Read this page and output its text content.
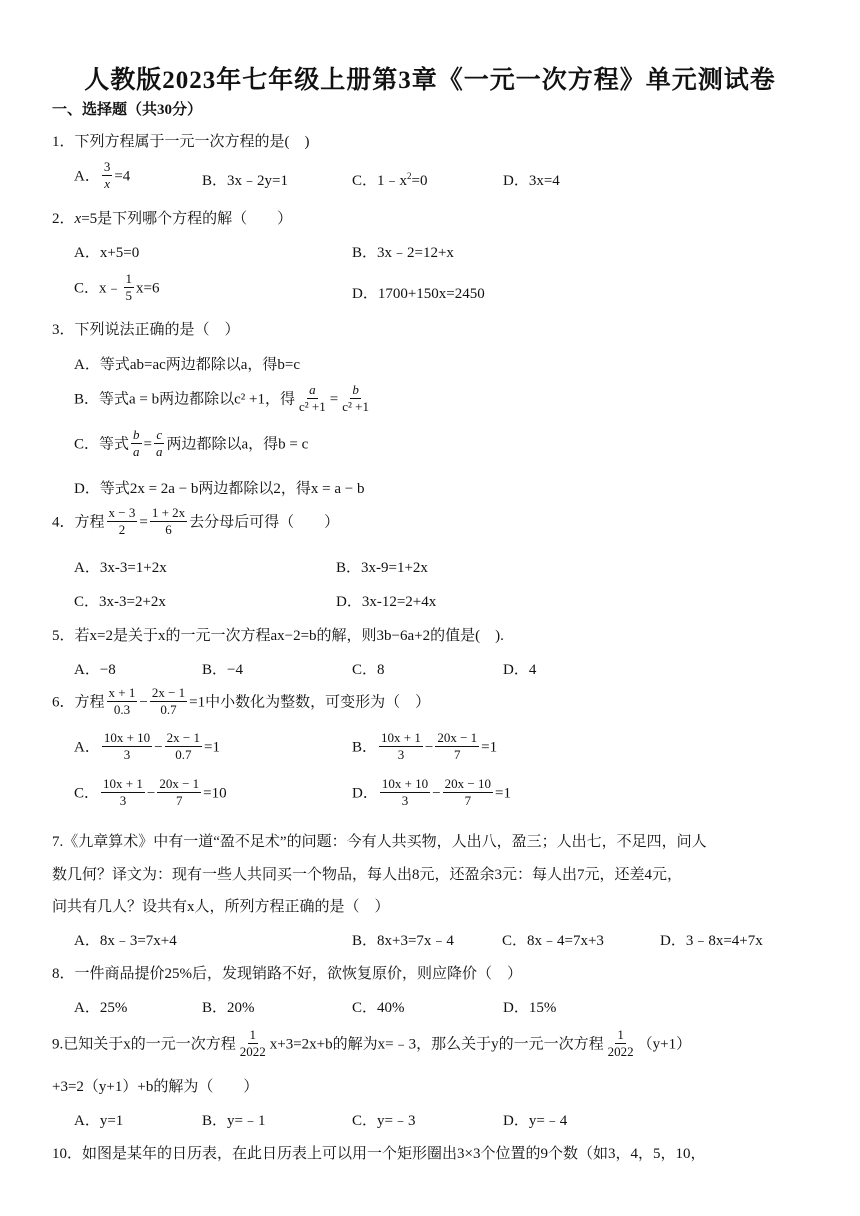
人教版2023年七年级上册第3章《一元一次方程》单元测试卷
一、选择题（共30分）
1．下列方程属于一元一次方程的是(　)
A． $\frac{3}{x} =4$	B．3x﹣2y=1	C．$1﹣x^2=0$	D．3x=4
2．x=5是下列哪个方程的解（　　）
A．x+5=0	B．3x﹣2=12+x
C．x﹣ $\frac{1}{5} x=6$	D．1700+150x=2450
3．下列说法正确的是（　）
A．等式ab=ac两边都除以a，得b=c
B．等式a = b两边都除以c² +1，得 $\frac{a}{\text{c² +1}} = \frac{b}{\text{c² +1}}$
C．等式 $\frac{b}{a} = \frac{c}{a}$ 两边都除以a，得b = c
D．等式2x = 2a − b两边都除以2，得x = a − b
4．方程 $\frac{x - 3}{2} = \frac{1 + 2x}{6}$ 去分母后可得（　　）
A．3x-3=1+2x	B．3x-9=1+2x
C．3x-3=2+2x	D．3x-12=2+4x
5．若x=2是关于x的一元一次方程ax−2=b的解，则3b−6a+2的值是(　).
A．−8	B．−4	C．8	D．4
6．方程 $\frac{x + 1}{0.3} - \frac{2x - 1}{0.7} =1$中小数化为整数，可变形为（　）
A． $\frac{10x + 10}{3} - \frac{2x - 1}{0.7} =1$	B． $\frac{10x + 1}{3} - \frac{20x - 1}{7} =1$
C． $\frac{10x + 1}{3} - \frac{20x - 1}{7} =10$	D． $\frac{10x + 10}{3} - \frac{20x - 10}{7} =1$
7.《九章算术》中有一道“盈不足术”的问题：今有人共买物，人出八，盈三；人出七，不足四，问人
数几何？译文为：现有一些人共同买一个物品，每人出8元，还盈余3元：每人出7元，还差4元，
问共有几人？设共有x人，所列方程正确的是（　）
A．8x﹣3=7x+4	B．8x+3=7x﹣4	C．8x﹣4=7x+3	D．3﹣8x=4+7x
8．一件商品提价25%后，发现销路不好，欲恢复原价，则应降价（　）
A．25%	B．20%	C．40%	D．15%
9.已知关于x的一元一次方程 $\frac{1}{2022} x+3=2x+b$的解为x=﹣3，那么关于y的一元一次方程 $\frac{1}{2022} (y+1)$
+3=2（y+1）+b的解为（　　）
A．y=1	B．y=﹣1	C．y=﹣3	D．y=﹣4
10．如图是某年的日历表，在此日历表上可以用一个矩形圈出3×3个位置的9个数（如3，4，5，10，
